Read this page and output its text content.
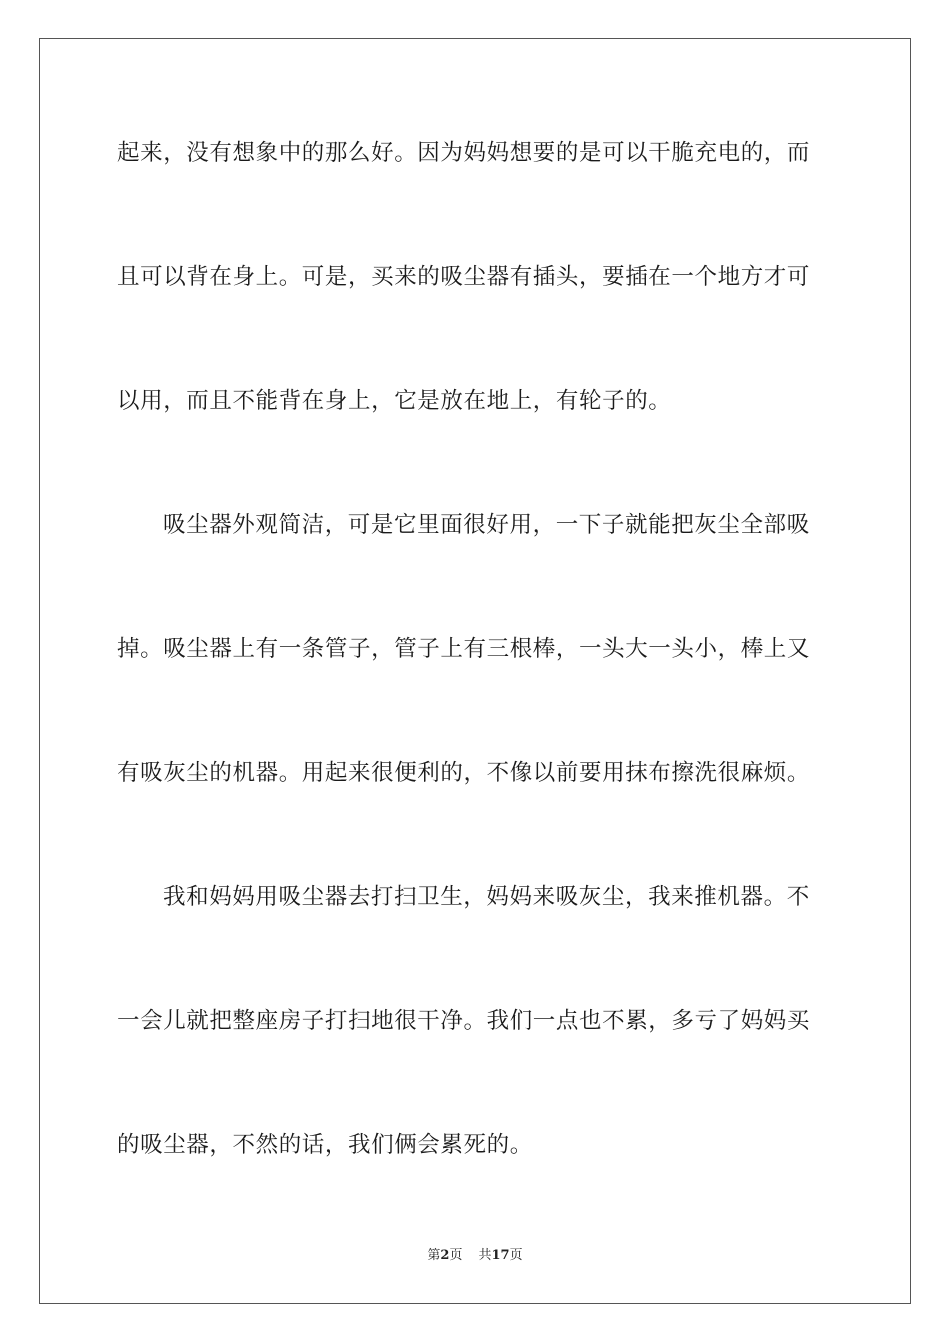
起来，没有想象中的那么好。因为妈妈想要的是可以干脆充电的，而
且可以背在身上。可是，买来的吸尘器有插头，要插在一个地方才可
以用，而且不能背在身上，它是放在地上，有轮子的。
吸尘器外观简洁，可是它里面很好用，一下子就能把灰尘全部吸
掉。吸尘器上有一条管子，管子上有三根棒，一头大一头小，棒上又
有吸灰尘的机器。用起来很便利的，不像以前要用抹布擦洗很麻烦。
我和妈妈用吸尘器去打扫卫生，妈妈来吸灰尘，我来推机器。不
一会儿就把整座房子打扫地很干净。我们一点也不累，多亏了妈妈买
的吸尘器，不然的话，我们俩会累死的。
第2页 共17页
